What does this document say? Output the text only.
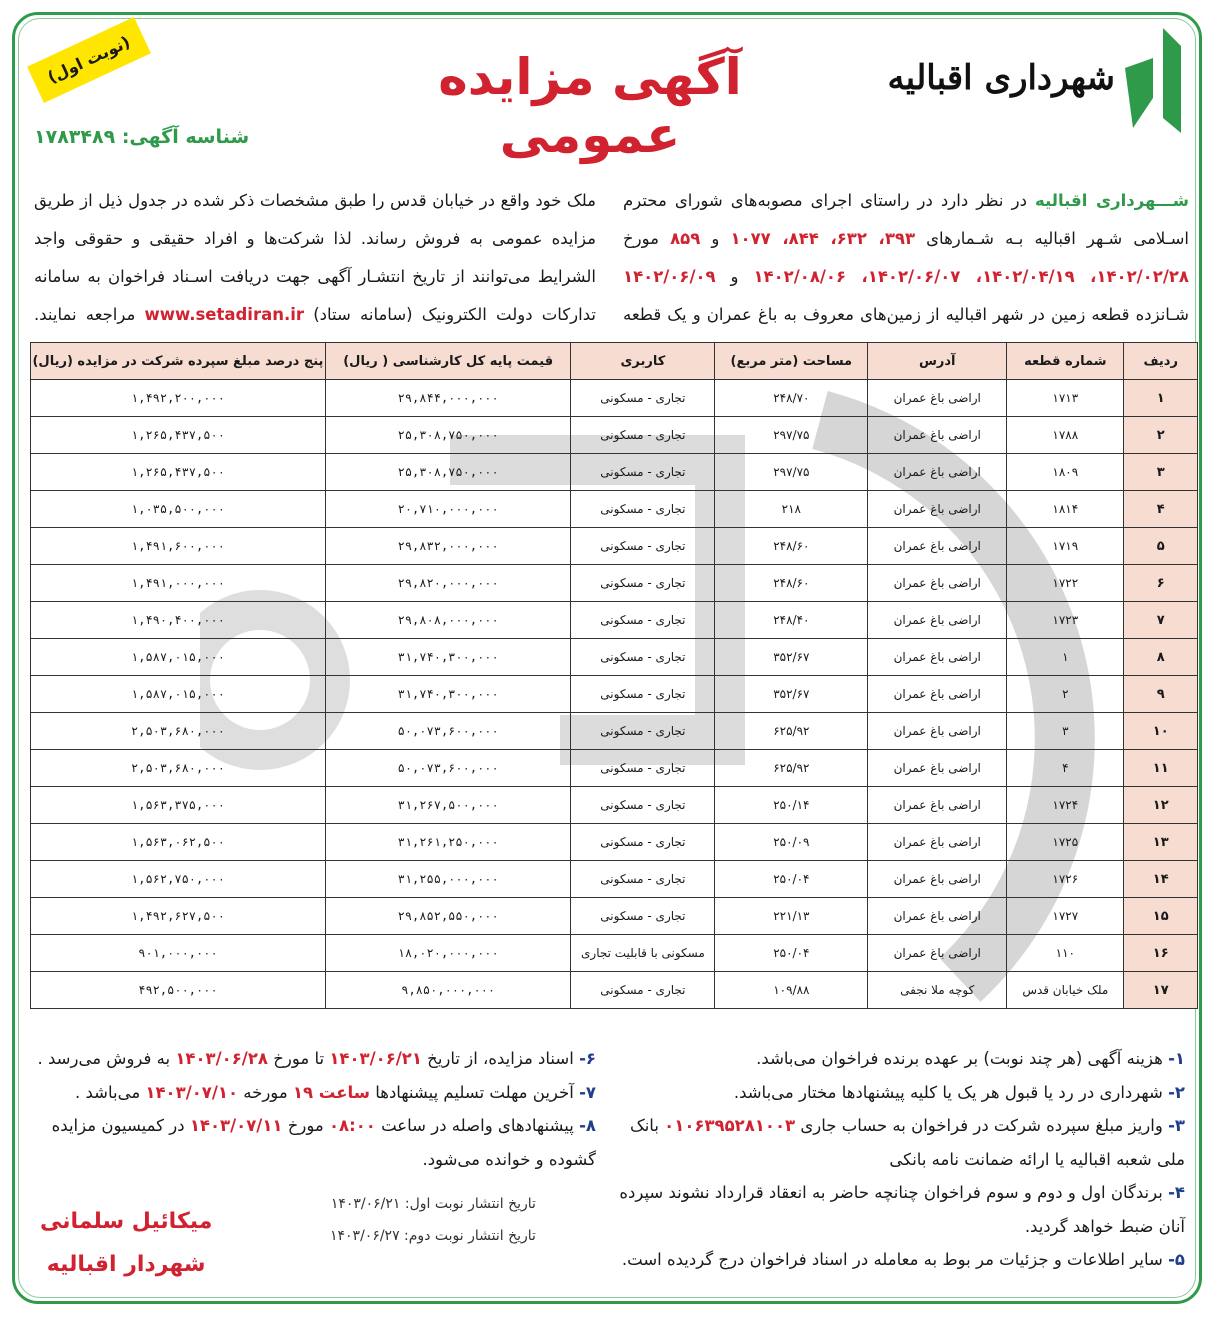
شهرداری اقبالیه
آگهی مزایده عمومی
(نوبت اول)
شناسه آگهی: ۱۷۸۳۴۸۹
شـــهرداری اقبالیه در نظر دارد در راستای اجرای مصوبه‌های شورای محترم اسـلامی شـهر اقبالیه بـه شـمارهای ۳۹۳، ۶۳۲، ۸۴۴، ۱۰۷۷ و ۸۵۹ مورخ ۱۴۰۲/۰۲/۲۸، ۱۴۰۲/۰۴/۱۹، ۱۴۰۲/۰۶/۰۷، ۱۴۰۲/۰۸/۰۶ و ۱۴۰۲/۰۶/۰۹ شـانزده قطعه زمین در شهر اقبالیه از زمین‌های معروف به باغ عمران و یک قطعه
ملک خود واقع در خیابان قدس را طبق مشخصات ذکر شده در جدول ذیل از طریق مزایده عمومی به فروش رساند. لذا شرکت‌ها و افراد حقیقی و حقوقی واجد الشرایط می‌توانند از تاریخ انتشـار آگهی جهت دریافت اسـناد فراخوان به سامانه تدارکات دولت الکترونیک (سامانه ستاد) www.setadiran.ir مراجعه نمایند.
ردیف	شماره قطعه	آدرس	مساحت (متر مربع)	کاربری	قیمت پایه کل کارشناسی ( ریال)	پنج درصد مبلغ سپرده شرکت در مزایده (ریال)
۱	۱۷۱۳	اراضی باغ عمران	۲۴۸/۷۰	تجاری - مسکونی	۲۹,۸۴۴,۰۰۰,۰۰۰	۱,۴۹۲,۲۰۰,۰۰۰
۲	۱۷۸۸	اراضی باغ عمران	۲۹۷/۷۵	تجاری - مسکونی	۲۵,۳۰۸,۷۵۰,۰۰۰	۱,۲۶۵,۴۳۷,۵۰۰
۳	۱۸۰۹	اراضی باغ عمران	۲۹۷/۷۵	تجاری - مسکونی	۲۵,۳۰۸,۷۵۰,۰۰۰	۱,۲۶۵,۴۳۷,۵۰۰
۴	۱۸۱۴	اراضی باغ عمران	۲۱۸	تجاری - مسکونی	۲۰,۷۱۰,۰۰۰,۰۰۰	۱,۰۳۵,۵۰۰,۰۰۰
۵	۱۷۱۹	اراضی باغ عمران	۲۴۸/۶۰	تجاری - مسکونی	۲۹,۸۳۲,۰۰۰,۰۰۰	۱,۴۹۱,۶۰۰,۰۰۰
۶	۱۷۲۲	اراضی باغ عمران	۲۴۸/۶۰	تجاری - مسکونی	۲۹,۸۲۰,۰۰۰,۰۰۰	۱,۴۹۱,۰۰۰,۰۰۰
۷	۱۷۲۳	اراضی باغ عمران	۲۴۸/۴۰	تجاری - مسکونی	۲۹,۸۰۸,۰۰۰,۰۰۰	۱,۴۹۰,۴۰۰,۰۰۰
۸	۱	اراضی باغ عمران	۳۵۲/۶۷	تجاری - مسکونی	۳۱,۷۴۰,۳۰۰,۰۰۰	۱,۵۸۷,۰۱۵,۰۰۰
۹	۲	اراضی باغ عمران	۳۵۲/۶۷	تجاری - مسکونی	۳۱,۷۴۰,۳۰۰,۰۰۰	۱,۵۸۷,۰۱۵,۰۰۰
۱۰	۳	اراضی باغ عمران	۶۲۵/۹۲	تجاری - مسکونی	۵۰,۰۷۳,۶۰۰,۰۰۰	۲,۵۰۳,۶۸۰,۰۰۰
۱۱	۴	اراضی باغ عمران	۶۲۵/۹۲	تجاری - مسکونی	۵۰,۰۷۳,۶۰۰,۰۰۰	۲,۵۰۳,۶۸۰,۰۰۰
۱۲	۱۷۲۴	اراضی باغ عمران	۲۵۰/۱۴	تجاری - مسکونی	۳۱,۲۶۷,۵۰۰,۰۰۰	۱,۵۶۳,۳۷۵,۰۰۰
۱۳	۱۷۲۵	اراضی باغ عمران	۲۵۰/۰۹	تجاری - مسکونی	۳۱,۲۶۱,۲۵۰,۰۰۰	۱,۵۶۳,۰۶۲,۵۰۰
۱۴	۱۷۲۶	اراضی باغ عمران	۲۵۰/۰۴	تجاری - مسکونی	۳۱,۲۵۵,۰۰۰,۰۰۰	۱,۵۶۲,۷۵۰,۰۰۰
۱۵	۱۷۲۷	اراضی باغ عمران	۲۲۱/۱۳	تجاری - مسکونی	۲۹,۸۵۲,۵۵۰,۰۰۰	۱,۴۹۲,۶۲۷,۵۰۰
۱۶	۱۱۰	اراضی باغ عمران	۲۵۰/۰۴	مسکونی با قابلیت تجاری	۱۸,۰۲۰,۰۰۰,۰۰۰	۹۰۱,۰۰۰,۰۰۰
۱۷	ملک خیابان قدس	کوچه ملا نجفی	۱۰۹/۸۸	تجاری - مسکونی	۹,۸۵۰,۰۰۰,۰۰۰	۴۹۲,۵۰۰,۰۰۰

۱- هزینه آگهی (هر چند نوبت) بر عهده برنده فراخوان می‌باشد.

۲- شهرداری در رد یا قبول هر یک یا کلیه پیشنهادها مختار می‌باشد.

۳- واریز مبلغ سپرده شرکت در فراخوان به حساب جاری ۰۱۰۶۳۹۵۲۸۱۰۰۳ بانک ملی شعبه اقبالیه یا ارائه ضمانت نامه بانکی

۴- برندگان اول و دوم و سوم فراخوان چنانچه حاضر به انعقاد قرارداد نشوند سپرده آنان ضبط خواهد گردید.

۵- سایر اطلاعات و جزئیات مر بوط به معامله در اسناد فراخوان درج گردیده است.

۶- اسناد مزایده، از تاریخ ۱۴۰۳/۰۶/۲۱ تا مورخ ۱۴۰۳/۰۶/۲۸ به فروش می‌رسد .

۷- آخرین مهلت تسلیم پیشنهادها ساعت ۱۹ مورخه ۱۴۰۳/۰۷/۱۰ می‌باشد .

۸- پیشنهادهای واصله در ساعت ۰۸:۰۰ مورخ ۱۴۰۳/۰۷/۱۱ در کمیسیون مزایده گشوده و خوانده می‌شود.

تاریخ انتشار نوبت اول: ۱۴۰۳/۰۶/۲۱
تاریخ انتشار نوبت دوم: ۱۴۰۳/۰۶/۲۷
میکائیل سلمانی
شهردار اقبالیه
